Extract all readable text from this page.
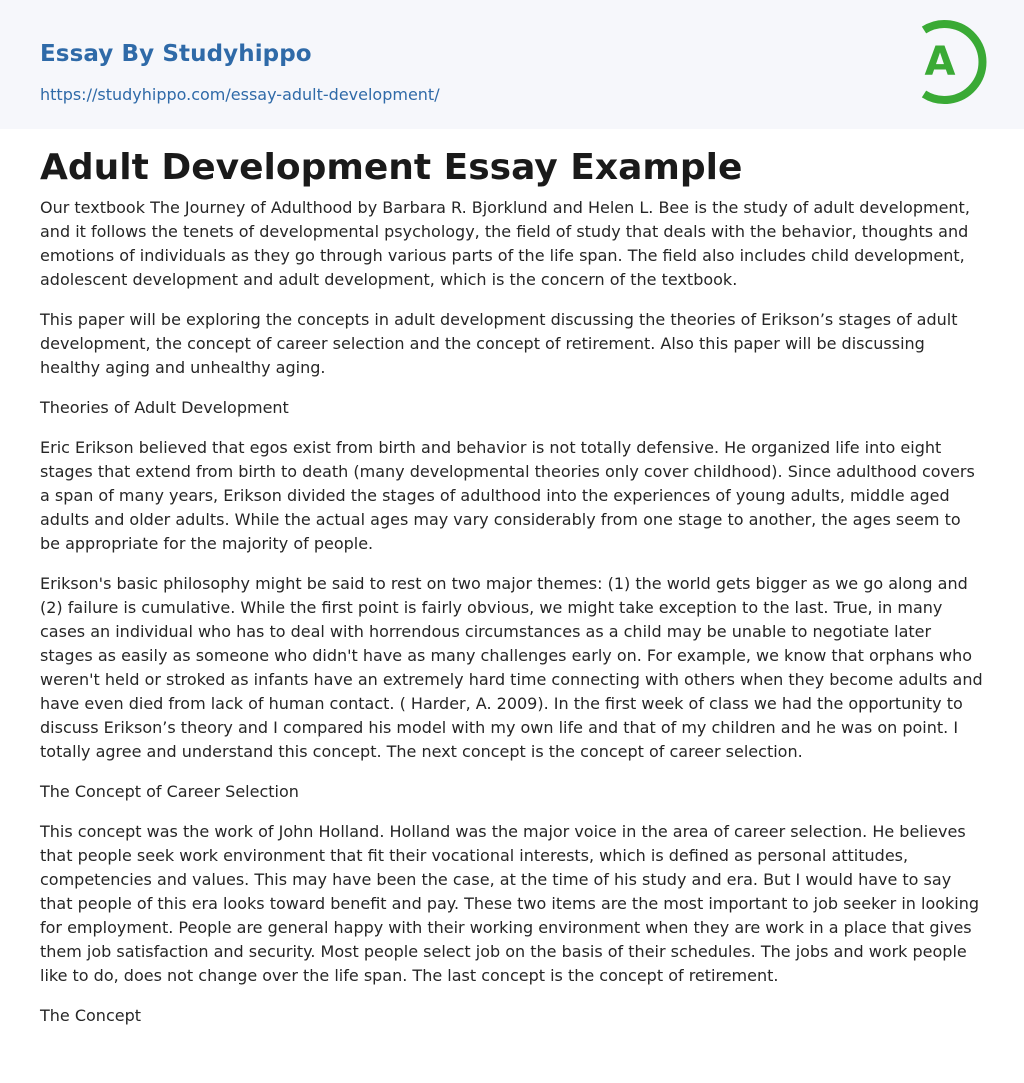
Essay By Studyhippo
https://studyhippo.com/essay-adult-development/
A
Adult Development Essay Example

Our textbook The Journey of Adulthood by Barbara R. Bjorklund and Helen L. Bee is the study of adult development, and it follows the tenets of developmental psychology, the field of study that deals with the behavior, thoughts and emotions of individuals as they go through various parts of the life span. The field also includes child development, adolescent development and adult development, which is the concern of the textbook.

This paper will be exploring the concepts in adult development discussing the theories of Erikson’s stages of adult development, the concept of career selection and the concept of retirement. Also this paper will be discussing healthy aging and unhealthy aging.

Theories of Adult Development

Eric Erikson believed that egos exist from birth and behavior is not totally defensive. He organized life into eight stages that extend from birth to death (many developmental theories only cover childhood). Since adulthood covers a span of many years, Erikson divided the stages of adulthood into the experiences of young adults, middle aged adults and older adults. While the actual ages may vary considerably from one stage to another, the ages seem to be appropriate for the majority of people.

Erikson's basic philosophy might be said to rest on two major themes: (1) the world gets bigger as we go along and (2) failure is cumulative. While the first point is fairly obvious, we might take exception to the last. True, in many cases an individual who has to deal with horrendous circumstances as a child may be unable to negotiate later stages as easily as someone who didn't have as many challenges early on. For example, we know that orphans who weren't held or stroked as infants have an extremely hard time connecting with others when they become adults and have even died from lack of human contact. ( Harder, A. 2009). In the first week of class we had the opportunity to discuss Erikson’s theory and I compared his model with my own life and that of my children and he was on point. I totally agree and understand this concept. The next concept is the concept of career selection.

The Concept of Career Selection

This concept was the work of John Holland. Holland was the major voice in the area of career selection. He believes that people seek work environment that fit their vocational interests, which is defined as personal attitudes, competencies and values. This may have been the case, at the time of his study and era. But I would have to say that people of this era looks toward benefit and pay. These two items are the most important to job seeker in looking for employment. People are general happy with their working environment when they are work in a place that gives them job satisfaction and security. Most people select job on the basis of their schedules. The jobs and work people like to do, does not change over the life span. The last concept is the concept of retirement.

The Concept
